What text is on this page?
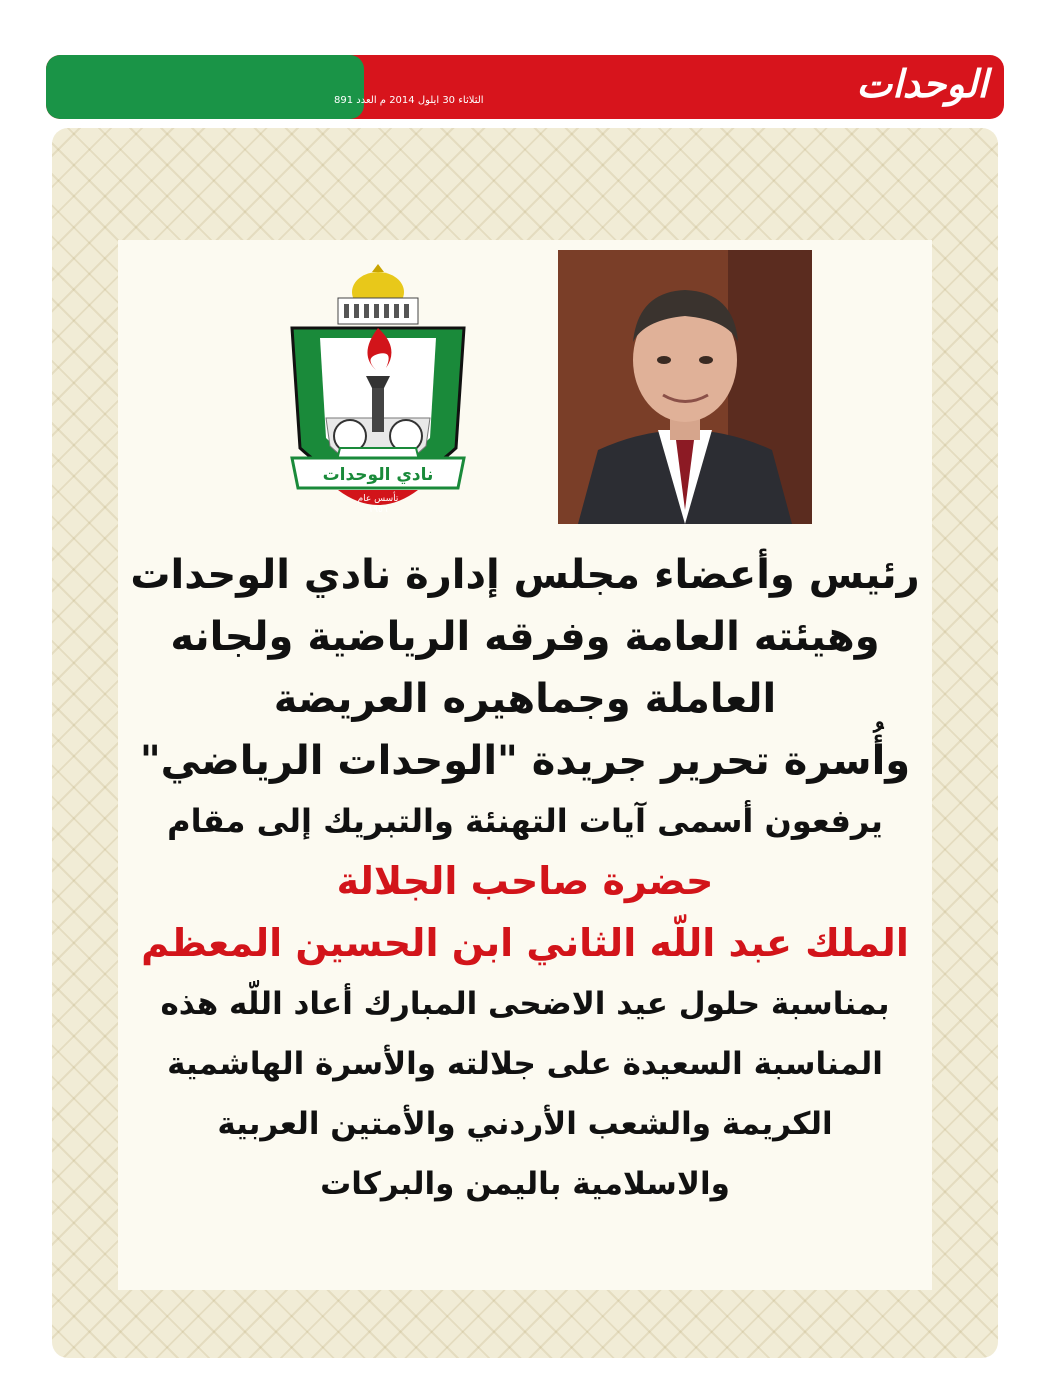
تهنئة 3
الثلاثاء 30 ايلول 2014 م العدد 891	الوحدات
نادي الوحدات
تأسس عام
١٩٥٦

رئيس وأعضاء مجلس إدارة نادي الوحدات

وهيئته العامة وفرقه الرياضية ولجانه

العاملة وجماهيره العريضة

وأُسرة تحرير جريدة "الوحدات الرياضي"

يرفعون أسمى آيات التهنئة والتبريك إلى مقام

حضرة صاحب الجلالة

الملك عبد اللّه الثاني ابن الحسين المعظم

بمناسبة حلول عيد الاضحى المبارك أعاد اللّه هذه

المناسبة السعيدة على جلالته والأسرة الهاشمية

الكريمة والشعب الأردني والأمتين العربية

والاسلامية باليمن والبركات
